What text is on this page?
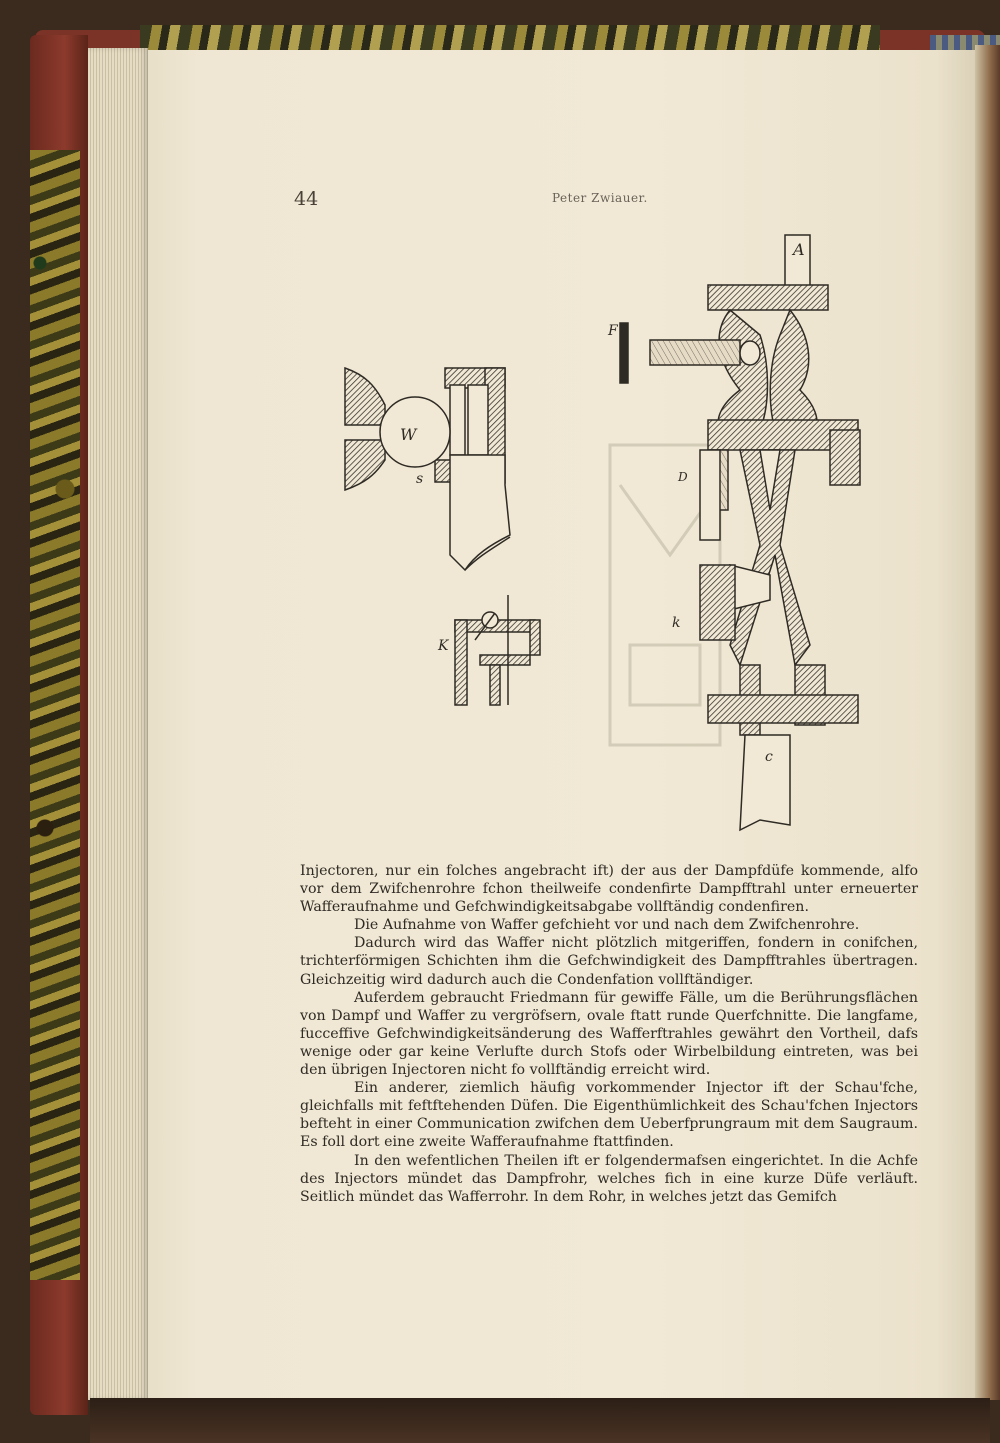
44	Peter Zwiauer.
W
s
K
A
F
D
k
c

Injectoren, nur ein folches angebracht ift) der aus der Dampfdüfe kommende, alfo vor dem Zwifchenrohre fchon theilweife condenfirte Dampfftrahl unter erneuerter Wafferaufnahme und Gefchwindigkeitsabgabe vollftändig condenfiren.

Die Aufnahme von Waffer gefchieht vor und nach dem Zwifchenrohre.

Dadurch wird das Waffer nicht plötzlich mitgeriffen, fondern in conifchen, trichterförmigen Schichten ihm die Gefchwindigkeit des Dampfftrahles übertragen. Gleichzeitig wird dadurch auch die Condenfation vollftändiger.

Auferdem gebraucht Friedmann für gewiffe Fälle, um die Berührungsflächen von Dampf und Waffer zu vergröfsern, ovale ftatt runde Querfchnitte. Die langfame, fucceffive Gefchwindigkeitsänderung des Wafferftrahles gewährt den Vortheil, dafs wenige oder gar keine Verlufte durch Stofs oder Wirbelbildung eintreten, was bei den übrigen Injectoren nicht fo vollftändig erreicht wird.

Ein anderer, ziemlich häufig vorkommender Injector ift der Schau'fche, gleichfalls mit feftftehenden Düfen. Die Eigenthümlichkeit des Schau'fchen Injectors befteht in einer Communication zwifchen dem Ueberfprungraum mit dem Saugraum. Es foll dort eine zweite Wafferaufnahme ftattfinden.

In den wefentlichen Theilen ift er folgendermafsen eingerichtet. In die Achfe des Injectors mündet das Dampfrohr, welches fich in eine kurze Düfe verläuft. Seitlich mündet das Wafferrohr. In dem Rohr, in welches jetzt das Gemifch
